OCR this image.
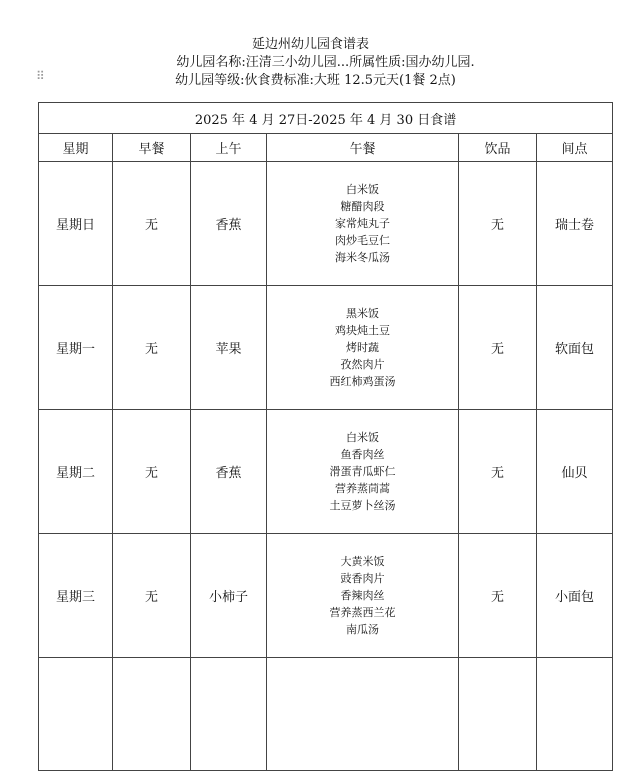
⠿
延边州幼儿园食谱表
幼儿园名称:汪清三小幼儿园...所属性质:国办幼儿园.
幼儿园等级:伙食费标准:大班 12.5元天(1餐 2点)
2025 年 4 月 27日-2025 年 4 月 30 日食谱					
星期	早餐	上午	午餐	饮品	间点
星期日	无	香蕉	白米饭
糖醋肉段
家常炖丸子
肉炒毛豆仁
海米冬瓜汤	无	瑞士卷
星期一	无	苹果	黑米饭
鸡块炖土豆
烤时蔬
孜然肉片
西红柿鸡蛋汤	无	软面包
星期二	无	香蕉	白米饭
鱼香肉丝
滑蛋青瓜虾仁
营养蒸茼蒿
土豆萝卜丝汤	无	仙贝
星期三	无	小柿子	大黄米饭
豉香肉片
香辣肉丝
营养蒸西兰花
南瓜汤	无	小面包
